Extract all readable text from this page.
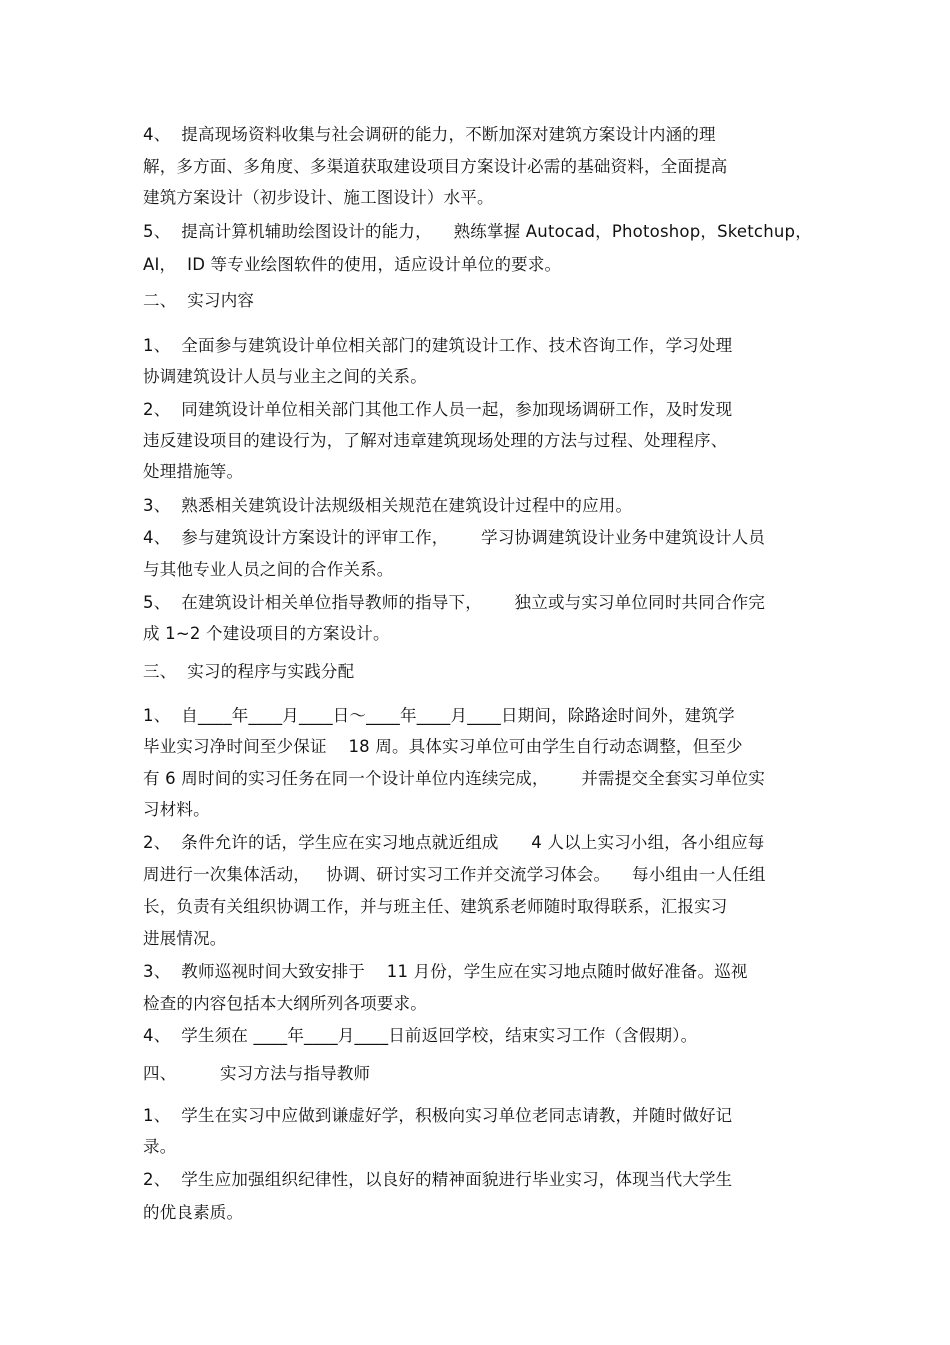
4、  提高现场资料收集与社会调研的能力，不断加深对建筑方案设计内涵的理
解，多方面、多角度、多渠道获取建设项目方案设计必需的基础资料，全面提高
建筑方案设计（初步设计、施工图设计）水平。
5、  提高计算机辅助绘图设计的能力，    熟练掌握 Autocad，Photoshop，Sketchup，
AI，  ID 等专业绘图软件的使用，适应设计单位的要求。
二、  实习内容
1、  全面参与建筑设计单位相关部门的建筑设计工作、技术咨询工作，学习处理
协调建筑设计人员与业主之间的关系。
2、  同建筑设计单位相关部门其他工作人员一起，参加现场调研工作，及时发现
违反建设项目的建设行为，了解对违章建筑现场处理的方法与过程、处理程序、
处理措施等。
3、  熟悉相关建筑设计法规级相关规范在建筑设计过程中的应用。
4、  参与建筑设计方案设计的评审工作，      学习协调建筑设计业务中建筑设计人员
与其他专业人员之间的合作关系。
5、  在建筑设计相关单位指导教师的指导下，      独立或与实习单位同时共同合作完
成 1~2 个建设项目的方案设计。
三、  实习的程序与实践分配
1、  自____年____月____日～____年____月____日期间，除路途时间外，建筑学
毕业实习净时间至少保证    18 周。具体实习单位可由学生自行动态调整，但至少
有 6 周时间的实习任务在同一个设计单位内连续完成，      并需提交全套实习单位实
习材料。
2、  条件允许的话，学生应在实习地点就近组成      4 人以上实习小组，各小组应每
周进行一次集体活动，   协调、研讨实习工作并交流学习体会。    每小组由一人任组
长，负责有关组织协调工作，并与班主任、建筑系老师随时取得联系，汇报实习
进展情况。
3、  教师巡视时间大致安排于    11 月份，学生应在实习地点随时做好准备。巡视
检查的内容包括本大纲所列各项要求。
4、  学生须在 ____年____月____日前返回学校，结束实习工作（含假期）。
四、        实习方法与指导教师
1、  学生在实习中应做到谦虚好学，积极向实习单位老同志请教，并随时做好记
录。
2、  学生应加强组织纪律性，以良好的精神面貌进行毕业实习，体现当代大学生
的优良素质。
